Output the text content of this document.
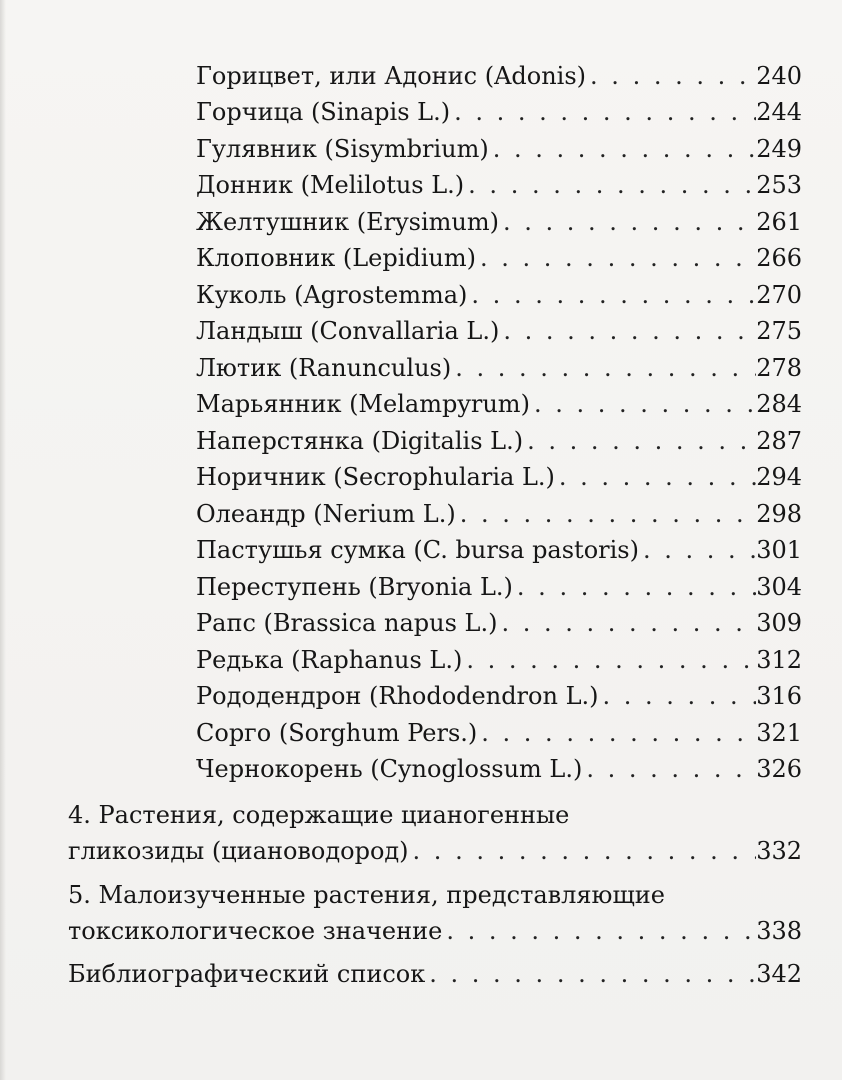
Горицвет, или Адонис (Adonis) . . .	240
Горчица (Sinapis L.) . . .	244
Гулявник (Sisymbrium) . . .	249
Донник (Melilotus L.) . . .	253
Желтушник (Erysimum) . . .	261
Клоповник (Lepidium) . . .	266
Куколь (Agrostemma) . . .	270
Ландыш (Convallaria L.) . . .	275
Лютик (Ranunculus) . . .	278
Марьянник (Melampyrum) . . .	284
Наперстянка (Digitalis L.) . . .	287
Норичник (Secrophularia L.) . . .	294
Олеандр (Nerium L.) . . .	298
Пастушья сумка (C. bursa pastoris) . . .	301
Переступень (Bryonia L.) . . .	304
Рапс (Brassica napus L.) . . .	309
Редька (Raphanus L.) . . .	312
Рододендрон (Rhododendron L.) . . .	316
Сорго (Sorghum Pers.) . . .	321
Чернокорень (Cynoglossum L.) . . .	326
4. Растения, содержащие цианогенные
гликозиды (циановодород) . . .	332
5. Малоизученные растения, представляющие
токсикологическое значение . . .	338
Библиографический список . . .	342
